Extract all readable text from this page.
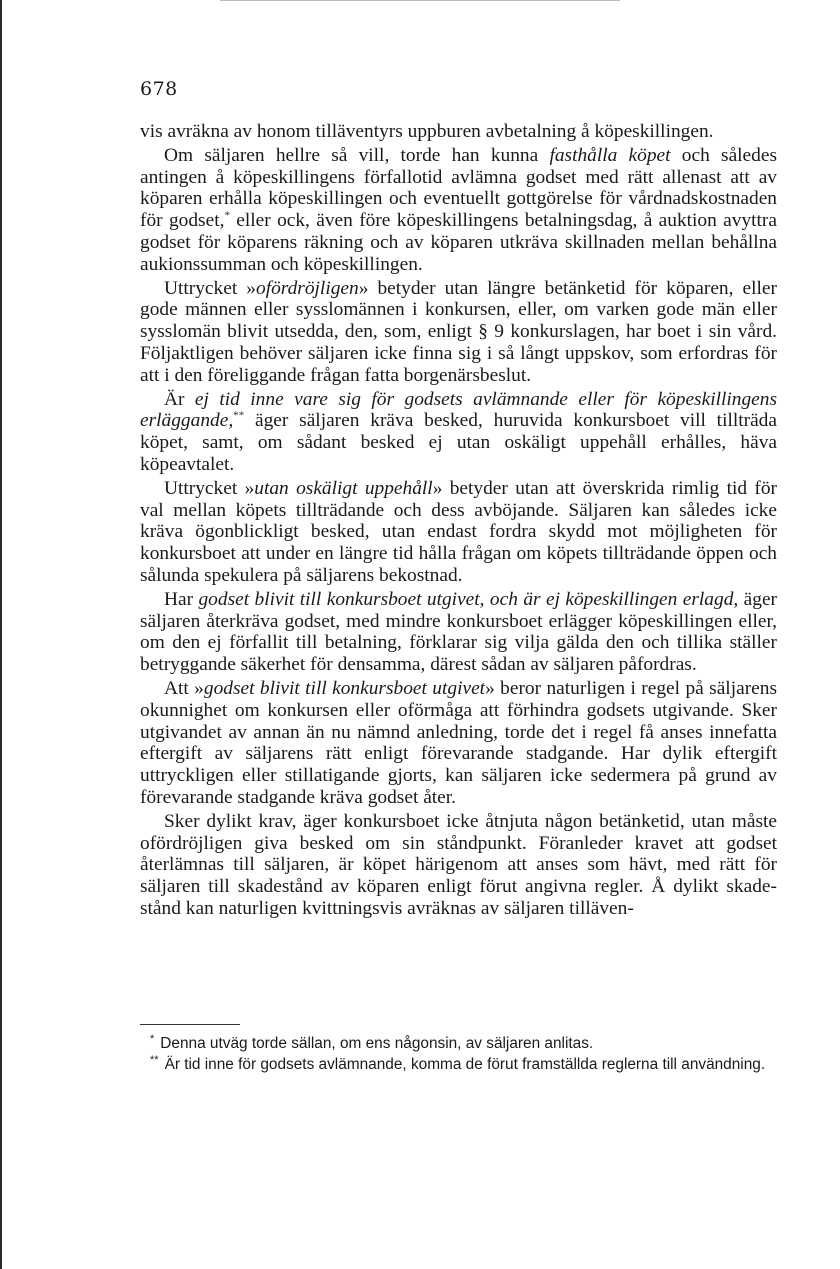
678

vis avräkna av honom tilläventyrs uppburen avbetalning å köpeskillingen.

Om säljaren hellre så vill, torde han kunna fasthålla köpet och således antingen å köpeskillingens förfallotid avlämna godset med rätt allenast att av köparen erhålla köpeskillingen och eventuellt gottgörelse för vårdnadskostnaden för godset,* eller ock, även före köpeskillingens betalningsdag, å auktion avyttra godset för köparens räkning och av köparen utkräva skillnaden mellan behållna aukionssumman och köpeskillingen.

Uttrycket »ofördröjligen» betyder utan längre betänketid för köparen, eller gode männen eller sysslomännen i konkursen, eller, om varken gode män eller sysslomän blivit utsedda, den, som, enligt § 9 konkurslagen, har boet i sin vård. Följaktligen behöver säljaren icke finna sig i så långt uppskov, som erfordras för att i den föreliggande frågan fatta borgenärsbeslut.

Är ej tid inne vare sig för godsets avlämnande eller för köpeskillingens erläggande,** äger säljaren kräva besked, huruvida konkursboet vill tillträda köpet, samt, om sådant besked ej utan oskäligt uppehåll erhålles, häva köpeavtalet.

Uttrycket »utan oskäligt uppehåll» betyder utan att överskrida rimlig tid för val mellan köpets tillträdande och dess avböjande. Säljaren kan således icke kräva ögonblickligt besked, utan endast fordra skydd mot möjligheten för konkursboet att under en längre tid hålla frågan om köpets tillträdande öppen och sålunda spekulera på säljarens bekostnad.

Har godset blivit till konkursboet utgivet, och är ej köpeskillingen erlagd, äger säljaren återkräva godset, med mindre konkursboet erlägger köpeskillingen eller, om den ej förfallit till betalning, förklarar sig vilja gälda den och tillika ställer betryggande säkerhet för densamma, därest sådan av säljaren påfordras.

Att »godset blivit till konkursboet utgivet» beror naturligen i regel på säljarens okunnighet om konkursen eller oförmåga att förhindra godsets utgivande. Sker utgivandet av annan än nu nämnd anledning, torde det i regel få anses innefatta eftergift av säljarens rätt enligt förevarande stadgande. Har dylik eftergift uttryckligen eller stillatigande gjorts, kan säljaren icke sedermera på grund av förevarande stadgande kräva godset åter.

Sker dylikt krav, äger konkursboet icke åtnjuta någon betänketid, utan måste ofördröjligen giva besked om sin ståndpunkt. Föranleder kravet att godset återlämnas till säljaren, är köpet härigenom att anses som hävt, med rätt för säljaren till skadestånd av köparen enligt förut angivna regler. Å dylikt skadestånd kan naturligen kvittningsvis avräknas av säljaren tilläven-

* Denna utväg torde sällan, om ens någonsin, av säljaren anlitas.

** Är tid inne för godsets avlämnande, komma de förut framställda reglerna till användning.
